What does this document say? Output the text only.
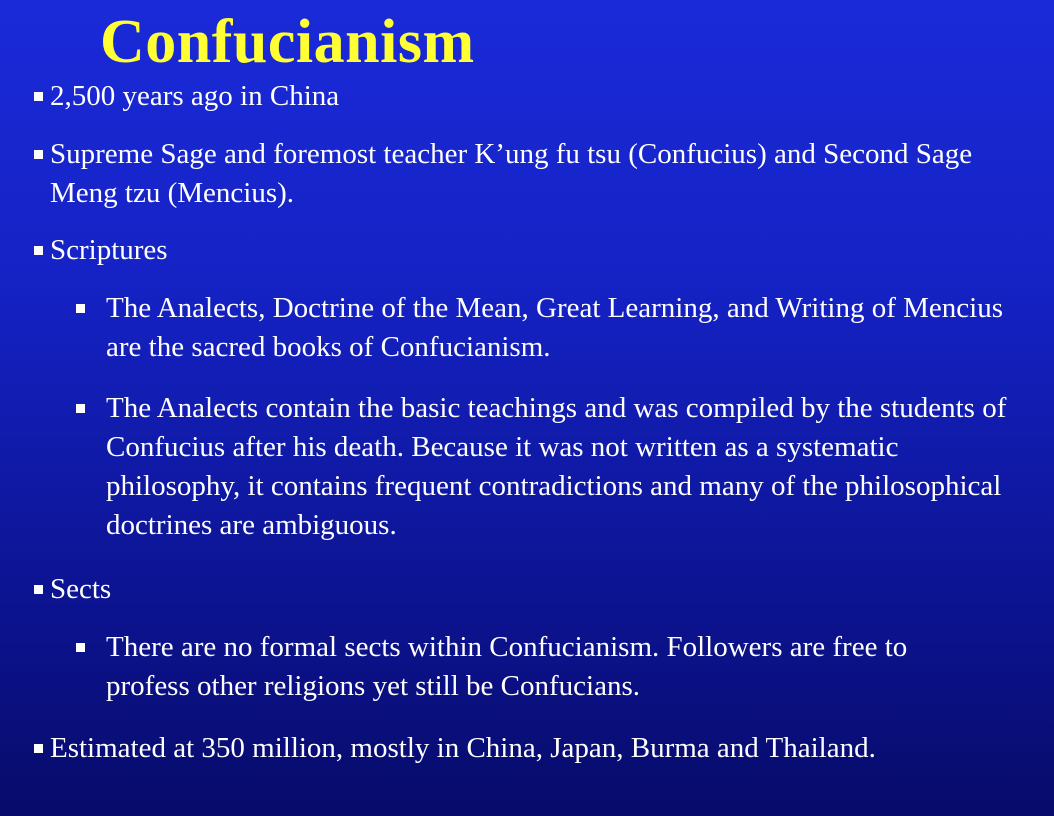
Confucianism
2,500 years ago in China
Supreme Sage and foremost teacher K’ung fu tsu (Confucius) and Second Sage Meng tzu (Mencius).
Scriptures
The Analects, Doctrine of the Mean, Great Learning, and Writing of Mencius are the sacred books of Confucianism.
The Analects contain the basic teachings and was compiled by the students of Confucius after his death. Because it was not written as a systematic philosophy, it contains frequent contradictions and many of the philosophical doctrines are ambiguous.
Sects
There are no formal sects within Confucianism. Followers are free to profess other religions yet still be Confucians.
Estimated at 350 million, mostly in China, Japan, Burma and Thailand.
